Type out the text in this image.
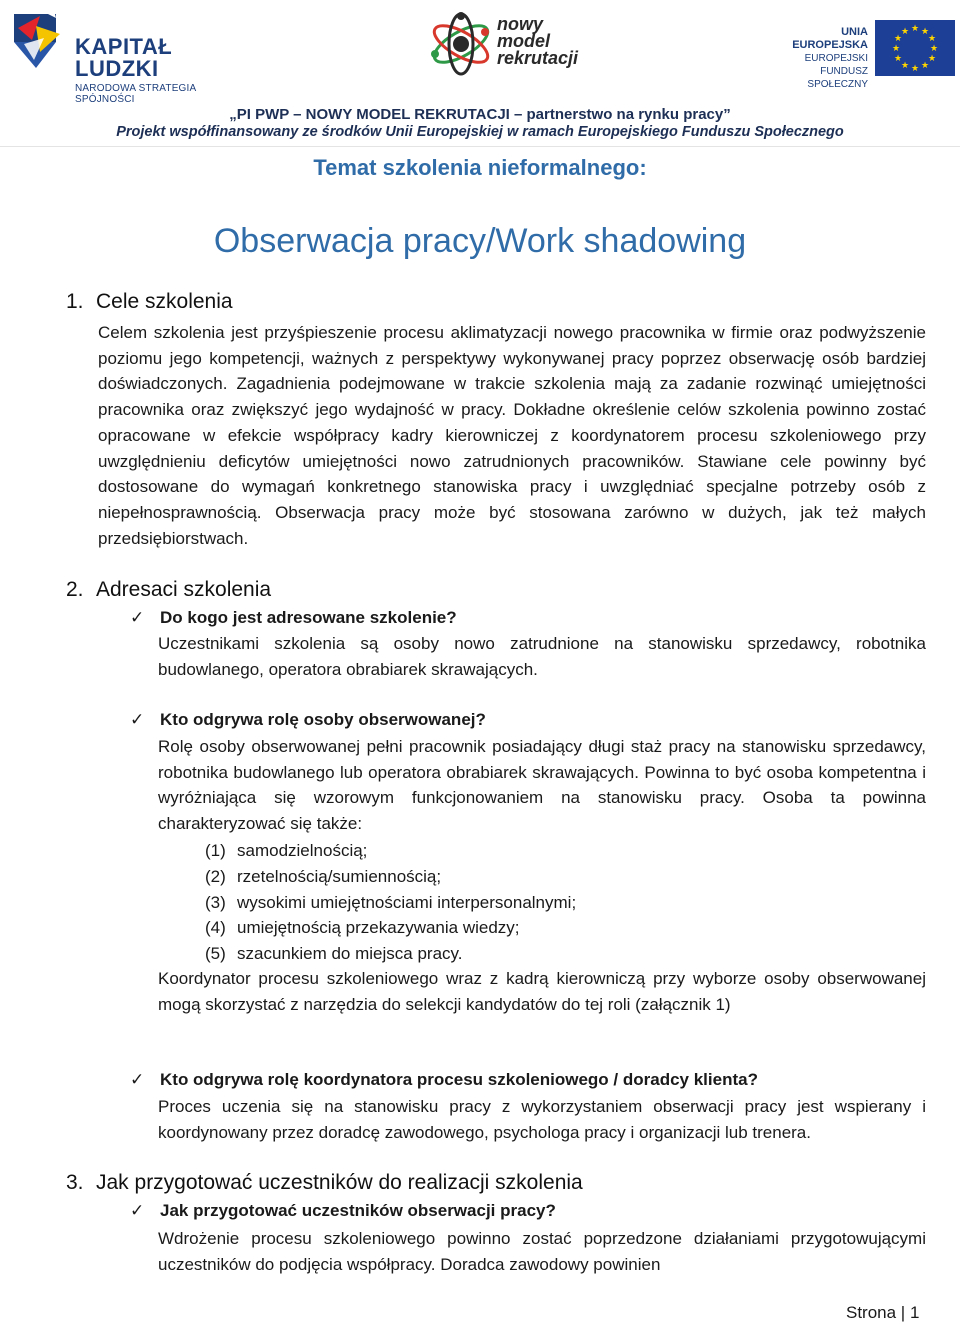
KAPITAŁ LUDZKI
NARODOWA STRATEGIA SPÓJNOŚCI
nowy
model
rekrutacji
UNIA EUROPEJSKA
EUROPEJSKI
FUNDUSZ SPOŁECZNY
★ ★
★
★
★
★
★
★
★
★
★
★
„PI PWP – NOWY MODEL REKRUTACJI – partnerstwo na rynku pracy”
Projekt współfinansowany ze środków Unii Europejskiej w ramach Europejskiego Funduszu Społecznego
Temat szkolenia nieformalnego:
Obserwacja pracy/Work shadowing
1. Cele szkolenia

Celem szkolenia jest przyśpieszenie procesu aklimatyzacji nowego pracownika w firmie oraz podwyższenie poziomu jego kompetencji, ważnych z perspektywy wykonywanej pracy poprzez obserwację osób bardziej doświadczonych. Zagadnienia podejmowane w trakcie szkolenia mają za zadanie rozwinąć umiejętności pracownika oraz zwiększyć jego wydajność w pracy. Dokładne określenie celów szkolenia powinno zostać opracowane w efekcie współpracy kadry kierowniczej z koordynatorem procesu szkoleniowego przy uwzględnieniu deficytów umiejętności nowo zatrudnionych pracowników. Stawiane cele powinny być dostosowane do wymagań konkretnego stanowiska pracy i uwzględniać specjalne potrzeby osób z niepełnosprawnością. Obserwacja pracy może być stosowana zarówno w dużych, jak też małych przedsiębiorstwach.

2. Adresaci szkolenia
✓ Do kogo jest adresowane szkolenie?

Uczestnikami szkolenia są osoby nowo zatrudnione na stanowisku sprzedawcy, robotnika budowlanego, operatora obrabiarek skrawających.

✓ Kto odgrywa rolę osoby obserwowanej?

Rolę osoby obserwowanej pełni pracownik posiadający długi staż pracy na stanowisku sprzedawcy, robotnika budowlanego lub operatora obrabiarek skrawających. Powinna to być osoba kompetentna i wyróżniająca się wzorowym funkcjonowaniem na stanowisku pracy. Osoba ta powinna charakteryzować się także:

(1) samodzielnością;
(2) rzetelnością/sumiennością;
(3) wysokimi umiejętnościami interpersonalnymi;
(4) umiejętnością przekazywania wiedzy;
(5) szacunkiem do miejsca pracy.

Koordynator procesu szkoleniowego wraz z kadrą kierowniczą przy wyborze osoby obserwowanej mogą skorzystać z narzędzia do selekcji kandydatów do tej roli (załącznik 1)

✓ Kto odgrywa rolę koordynatora procesu szkoleniowego / doradcy klienta?

Proces uczenia się na stanowisku pracy z wykorzystaniem obserwacji pracy jest wspierany i koordynowany przez doradcę zawodowego, psychologa pracy i organizacji lub trenera.

3. Jak przygotować uczestników do realizacji szkolenia
✓ Jak przygotować uczestników obserwacji pracy?

Wdrożenie procesu szkoleniowego powinno zostać poprzedzone działaniami przygotowującymi uczestników do podjęcia współpracy. Doradca zawodowy powinien

Strona | 1
